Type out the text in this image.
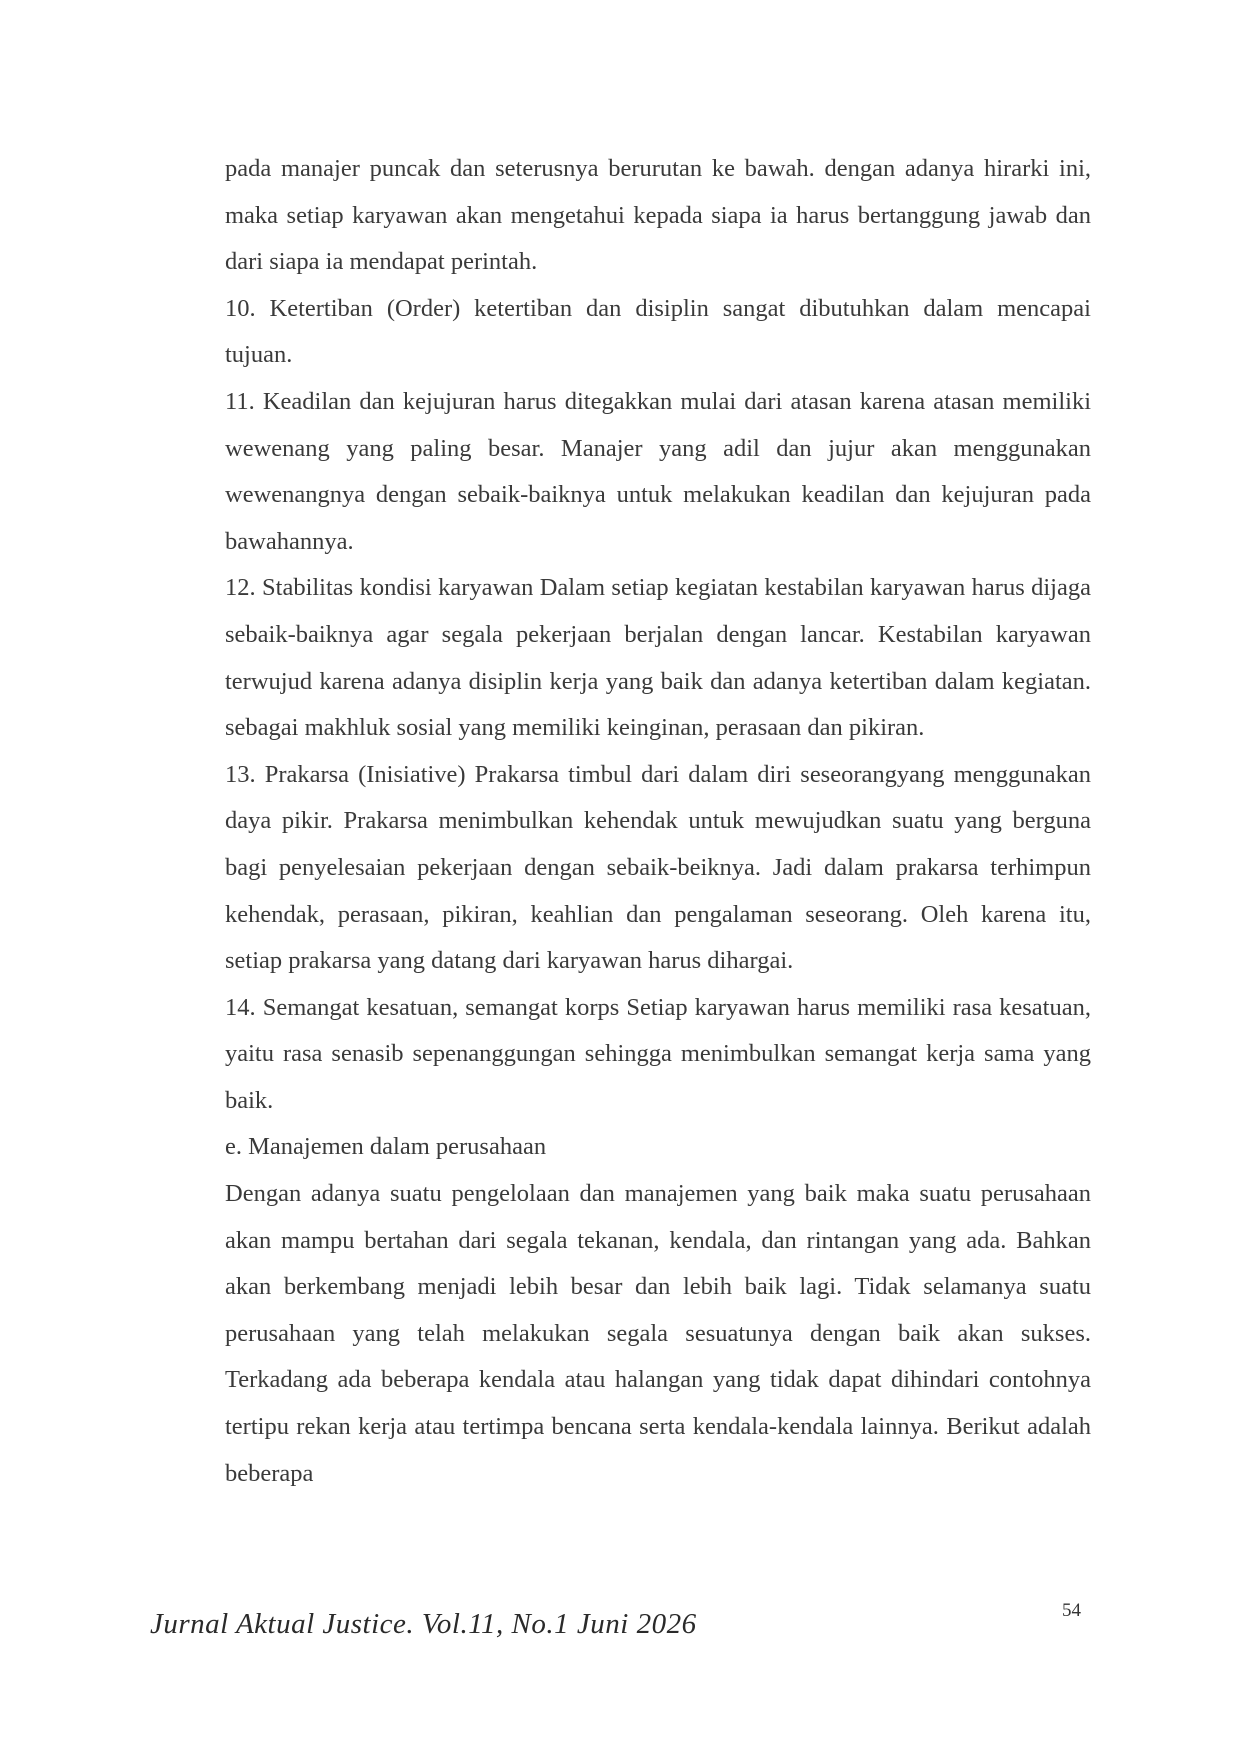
pada manajer puncak dan seterusnya berurutan ke bawah. dengan adanya hirarki ini, maka setiap karyawan akan mengetahui kepada siapa ia harus bertanggung jawab dan dari siapa ia mendapat perintah.

10. Ketertiban (Order) ketertiban dan disiplin sangat dibutuhkan dalam mencapai tujuan.

11. Keadilan dan kejujuran harus ditegakkan mulai dari atasan karena atasan memiliki wewenang yang paling besar. Manajer yang adil dan jujur akan menggunakan wewenangnya dengan sebaik-baiknya untuk melakukan keadilan dan kejujuran pada bawahannya.

12. Stabilitas kondisi karyawan Dalam setiap kegiatan kestabilan karyawan harus dijaga sebaik-baiknya agar segala pekerjaan berjalan dengan lancar. Kestabilan karyawan terwujud karena adanya disiplin kerja yang baik dan adanya ketertiban dalam kegiatan. sebagai makhluk sosial yang memiliki keinginan, perasaan dan pikiran.

13. Prakarsa (Inisiative) Prakarsa timbul dari dalam diri seseorangyang menggunakan daya pikir. Prakarsa menimbulkan kehendak untuk mewujudkan suatu yang berguna bagi penyelesaian pekerjaan dengan sebaik-beiknya. Jadi dalam prakarsa terhimpun kehendak, perasaan, pikiran, keahlian dan pengalaman seseorang. Oleh karena itu, setiap prakarsa yang datang dari karyawan harus dihargai.

14. Semangat kesatuan, semangat korps Setiap karyawan harus memiliki rasa kesatuan, yaitu rasa senasib sepenanggungan sehingga menimbulkan semangat kerja sama yang baik.

e. Manajemen dalam perusahaan

Dengan adanya suatu pengelolaan dan manajemen yang baik maka suatu perusahaan akan mampu bertahan dari segala tekanan, kendala, dan rintangan yang ada. Bahkan akan berkembang menjadi lebih besar dan lebih baik lagi. Tidak selamanya suatu perusahaan yang telah melakukan segala sesuatunya dengan baik akan sukses. Terkadang ada beberapa kendala atau halangan yang tidak dapat dihindari contohnya tertipu rekan kerja atau tertimpa bencana serta kendala-kendala lainnya. Berikut adalah beberapa

54
Jurnal Aktual Justice. Vol.11, No.1 Juni 2026
